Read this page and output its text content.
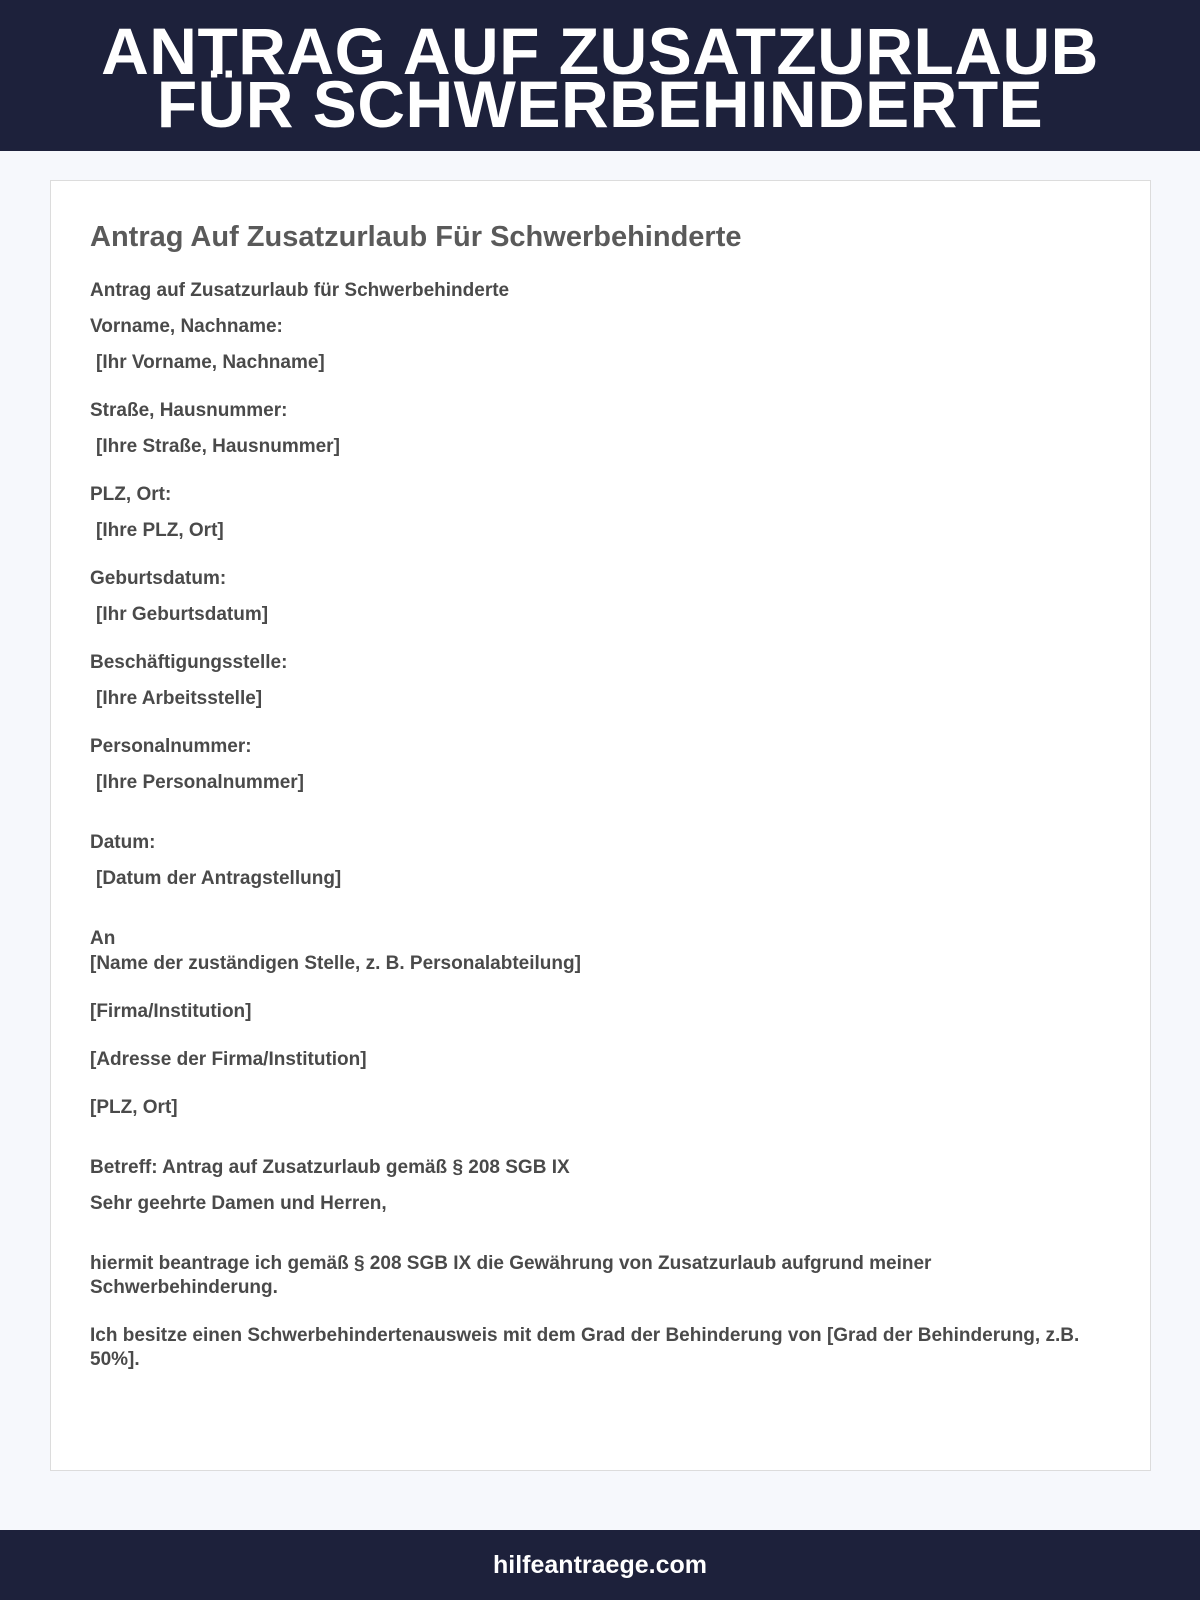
ANTRAG AUF ZUSATZURLAUB
FÜR SCHWERBEHINDERTE
Antrag Auf Zusatzurlaub Für Schwerbehinderte
Antrag auf Zusatzurlaub für Schwerbehinderte
Vorname, Nachname:
[Ihr Vorname, Nachname]
Straße, Hausnummer:
[Ihre Straße, Hausnummer]
PLZ, Ort:
[Ihre PLZ, Ort]
Geburtsdatum:
[Ihr Geburtsdatum]
Beschäftigungsstelle:
[Ihre Arbeitsstelle]
Personalnummer:
[Ihre Personalnummer]
Datum:
[Datum der Antragstellung]
An
[Name der zuständigen Stelle, z. B. Personalabteilung]
[Firma/Institution]
[Adresse der Firma/Institution]
[PLZ, Ort]
Betreff: Antrag auf Zusatzurlaub gemäß § 208 SGB IX
Sehr geehrte Damen und Herren,
hiermit beantrage ich gemäß § 208 SGB IX die Gewährung von Zusatzurlaub aufgrund meiner Schwerbehinderung.
Ich besitze einen Schwerbehindertenausweis mit dem Grad der Behinderung von [Grad der Behinderung, z.B. 50%].
hilfeantraege.com
